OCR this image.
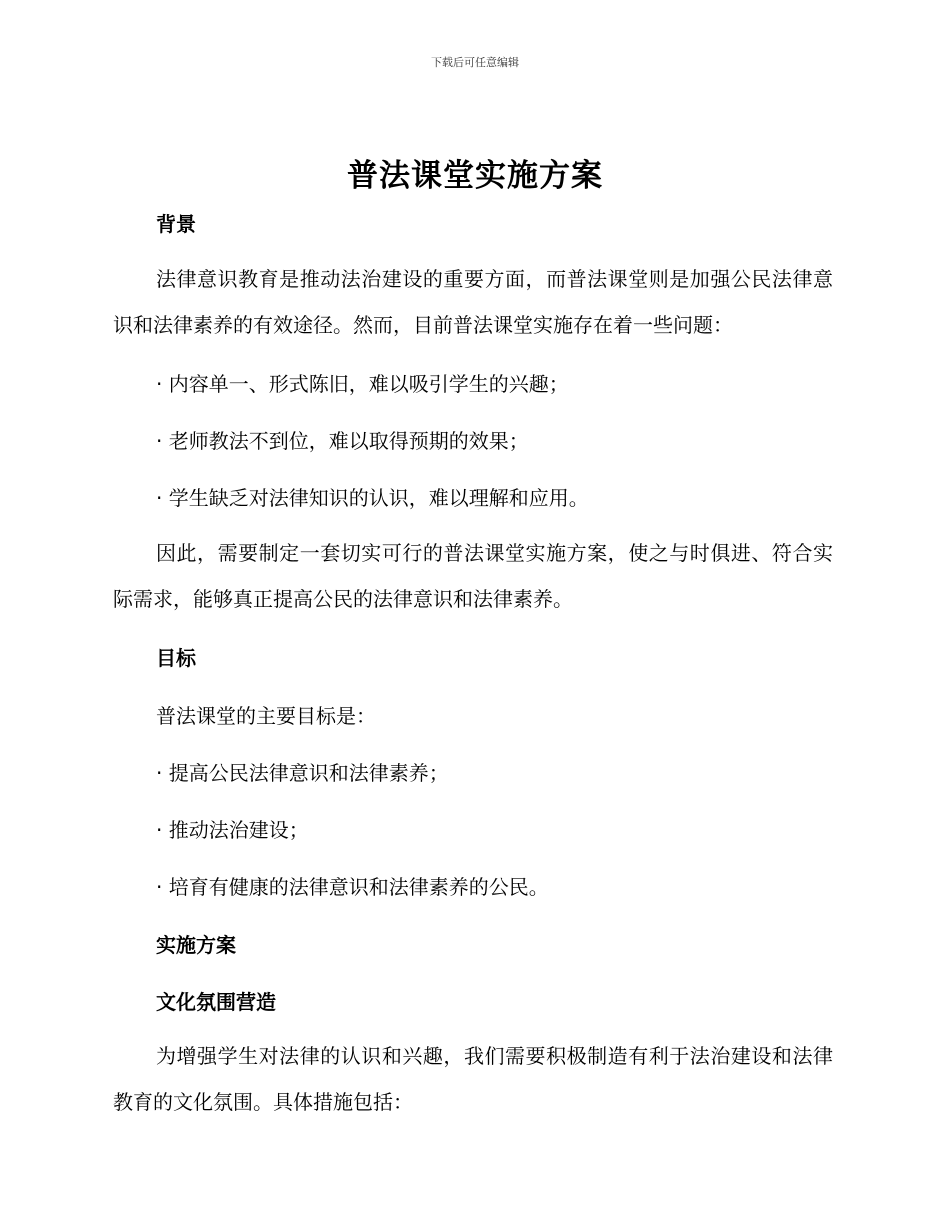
下载后可任意编辑
普法课堂实施方案
背景
法律意识教育是推动法治建设的重要方面，而普法课堂则是加强公民法律意识和法律素养的有效途径。然而，目前普法课堂实施存在着一些问题：
· 内容单一、形式陈旧，难以吸引学生的兴趣；
· 老师教法不到位，难以取得预期的效果；
· 学生缺乏对法律知识的认识，难以理解和应用。
因此，需要制定一套切实可行的普法课堂实施方案，使之与时俱进、符合实际需求，能够真正提高公民的法律意识和法律素养。
目标
普法课堂的主要目标是：
· 提高公民法律意识和法律素养；
· 推动法治建设；
· 培育有健康的法律意识和法律素养的公民。
实施方案
文化氛围营造
为增强学生对法律的认识和兴趣，我们需要积极制造有利于法治建设和法律教育的文化氛围。具体措施包括：
